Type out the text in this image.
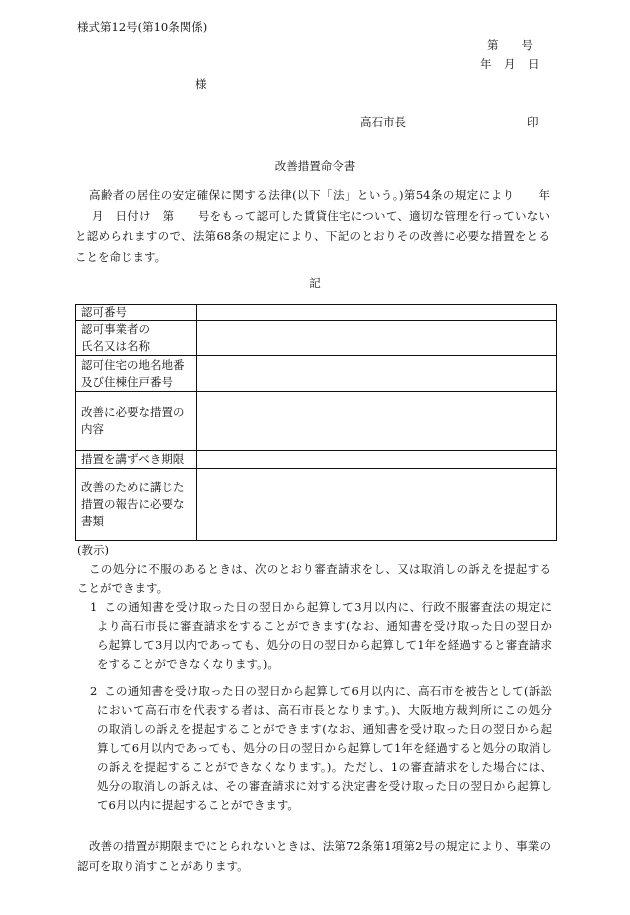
様式第12号(第10条関係)
第　　号
年　月　日
様
高石市長	印
改善措置命令書
高齢者の居住の安定確保に関する法律(以下「法」という。)第54条の規定により　　年
月　日付け　第　　号をもって認可した賃貸住宅について、適切な管理を行っていない
と認められますので、法第68条の規定により、下記のとおりその改善に必要な措置をとる
ことを命じます。
記
認可番号	

認可事業者の
氏名又は名称	

認可住宅の地名地番
及び住棟住戸番号	

改善に必要な措置の
内容	

措置を講ずべき期限	

改善のために講じた
措置の報告に必要な
書類	

(教示)
この処分に不服のあるときは、次のとおり審査請求をし、又は取消しの訴えを提起する
ことができます。
1 この通知書を受け取った日の翌日から起算して3月以内に、行政不服審査法の規定に
より高石市長に審査請求をすることができます(なお、通知書を受け取った日の翌日か
ら起算して3月以内であっても、処分の日の翌日から起算して1年を経過すると審査請求
をすることができなくなります。)。
2 この通知書を受け取った日の翌日から起算して6月以内に、高石市を被告として(訴訟
において高石市を代表する者は、高石市長となります。)、大阪地方裁判所にこの処分
の取消しの訴えを提起することができます(なお、通知書を受け取った日の翌日から起
算して6月以内であっても、処分の日の翌日から起算して1年を経過すると処分の取消し
の訴えを提起することができなくなります。)。ただし、1の審査請求をした場合には、
処分の取消しの訴えは、その審査請求に対する決定書を受け取った日の翌日から起算し
て6月以内に提起することができます。
改善の措置が期限までにとられないときは、法第72条第1項第2号の規定により、事業の
認可を取り消すことがあります。
